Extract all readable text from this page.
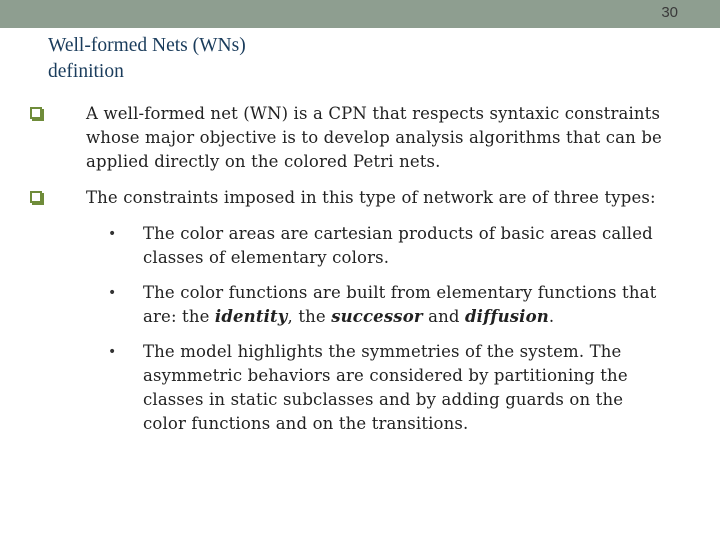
30
Well-formed Nets (WNs)
definition
A well-formed net (WN) is a CPN that respects syntaxic constraints
whose major objective is to develop analysis algorithms that can be
applied directly on the colored Petri nets.
The constraints imposed in this type of network are of three types:
• The color areas are cartesian products of basic areas called
classes of elementary colors.
• The color functions are built from elementary functions that
are: the identity, the successor and diffusion.
• The model highlights the symmetries of the system. The
asymmetric behaviors are considered by partitioning the
classes in static subclasses and by adding guards on the
color functions and on the transitions.
